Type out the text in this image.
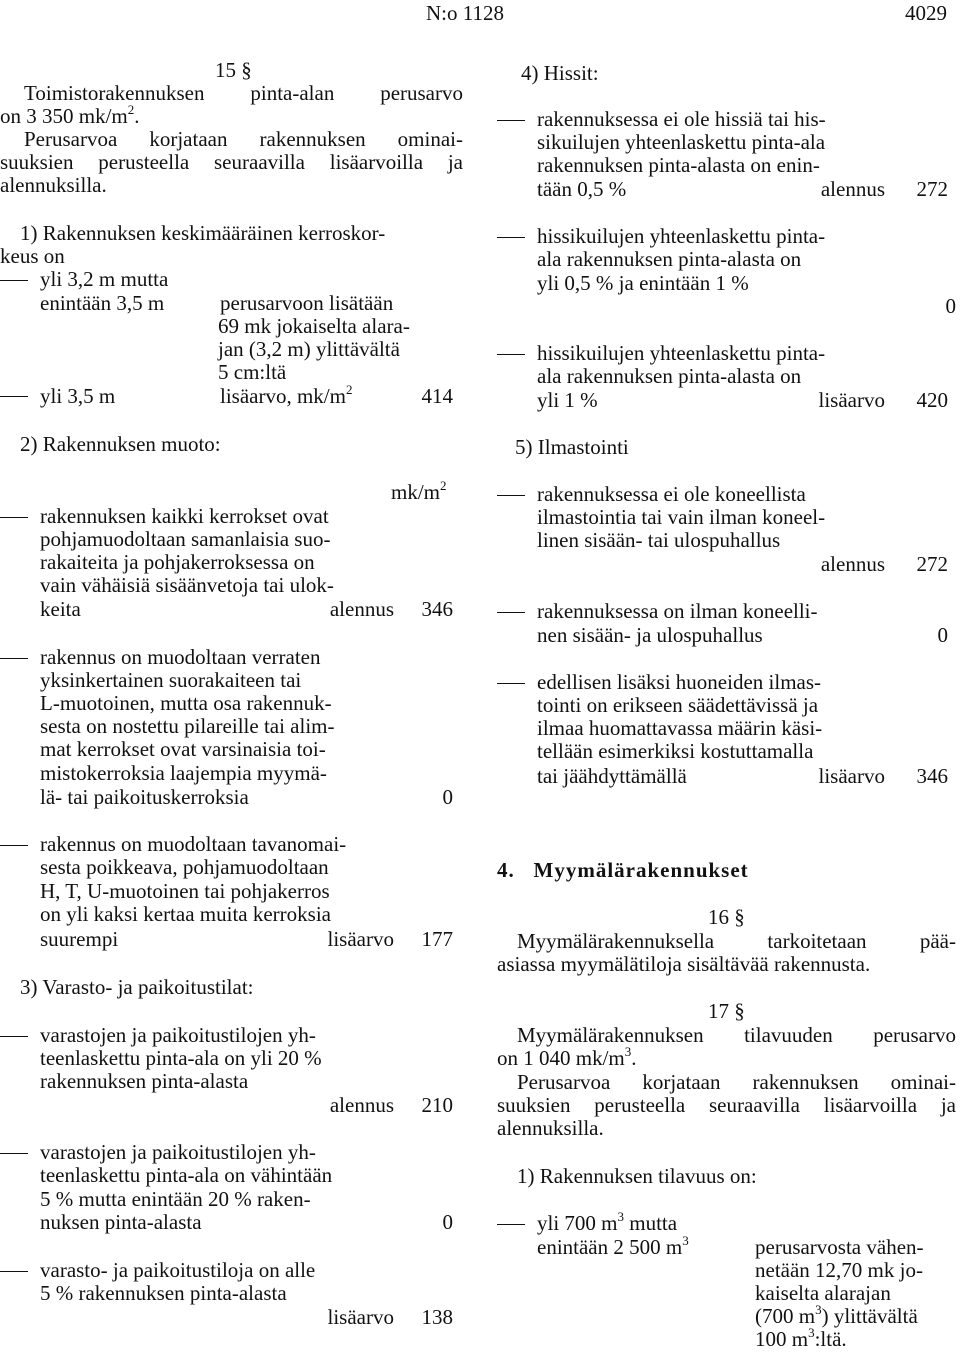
N:o 1128	4029
15 §
Toimistorakennuksen pinta-alan perusarvo
on 3 350 $mk/m^2$.
Perusarvoa korjataan rakennuksen ominai-
suuksien perusteella seuraavilla lisäarvoilla ja
alennuksilla.
1) Rakennuksen keskimääräinen kerroskor-
keus on
yli 3,2 m mutta
enintään 3,5 m	perusarvoon lisätään
69 mk jokaiselta alara-
jan (3,2 m) ylittävältä
5 cm:ltä
yli 3,5 m	lisäarvo, $mk/m^2$	414
2) Rakennuksen muoto:
$mk/m^2$
rakennuksen kaikki kerrokset ovat
pohjamuodoltaan samanlaisia suo-
rakaiteita ja pohjakerroksessa on
vain vähäisiä sisäänvetoja tai ulok-
keita	alennus	346
rakennus on muodoltaan verraten
yksinkertainen suorakaiteen tai
L-muotoinen, mutta osa rakennuk-
sesta on nostettu pilareille tai alim-
mat kerrokset ovat varsinaisia toi-
mistokerroksia laajempia myymä-
lä- tai paikoituskerroksia	0
rakennus on muodoltaan tavanomai-
sesta poikkeava, pohjamuodoltaan
H, T, U-muotoinen tai pohjakerros
on yli kaksi kertaa muita kerroksia
suurempi	lisäarvo	177
3) Varasto- ja paikoitustilat:
varastojen ja paikoitustilojen yh-
teenlaskettu pinta-ala on yli 20 %
rakennuksen pinta-alasta
alennus	210
varastojen ja paikoitustilojen yh-
teenlaskettu pinta-ala on vähintään
5 % mutta enintään 20 % raken-
nuksen pinta-alasta	0
varasto- ja paikoitustiloja on alle
5 % rakennuksen pinta-alasta
lisäarvo	138
4) Hissit:
rakennuksessa ei ole hissiä tai his-
sikuilujen yhteenlaskettu pinta-ala
rakennuksen pinta-alasta on enin-
tään 0,5 %	alennus	272
hissikuilujen yhteenlaskettu pinta-
ala rakennuksen pinta-alasta on
yli 0,5 % ja enintään 1 %
0
hissikuilujen yhteenlaskettu pinta-
ala rakennuksen pinta-alasta on
yli 1 %	lisäarvo	420
5) Ilmastointi
rakennuksessa ei ole koneellista
ilmastointia tai vain ilman koneel-
linen sisään- tai ulospuhallus
alennus	272
rakennuksessa on ilman koneelli-
nen sisään- ja ulospuhallus	0
edellisen lisäksi huoneiden ilmas-
tointi on erikseen säädettävissä ja
ilmaa huomattavassa määrin käsi-
tellään esimerkiksi kostuttamalla
tai jäähdyttämällä	lisäarvo	346
4.   Myymälärakennukset
16 §
Myymälärakennuksella tarkoitetaan pää-
asiassa myymälätiloja sisältävää rakennusta.
17 §
Myymälärakennuksen tilavuuden perusarvo
on 1 040 $mk/m^3$.
Perusarvoa korjataan rakennuksen ominai-
suuksien perusteella seuraavilla lisäarvoilla ja
alennuksilla.
1) Rakennuksen tilavuus on:
yli 700 $m^3$ mutta
enintään 2 500 $m^3$	perusarvosta vähen-
netään 12,70 mk jo-
kaiselta alarajan
(700 $m^3$) ylittävältä
100 $m^3:ltä$.
